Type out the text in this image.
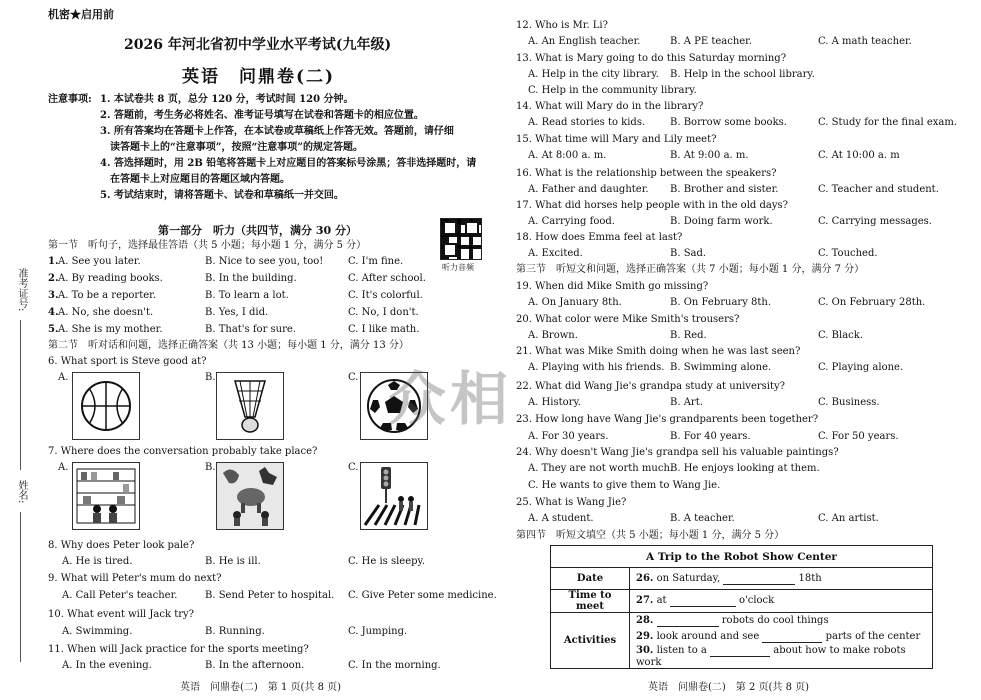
准考证号:
姓名:
机密★启用前
2026 年河北省初中学业水平考试(九年级)
英语　问鼎卷(二)
注意事项: 1. 本试卷共 8 页，总分 120 分，考试时间 120 分钟。
2. 答题前，考生务必将姓名、准考证号填写在试卷和答题卡的相应位置。
3. 所有答案均在答题卡上作答，在本试卷或草稿纸上作答无效。答题前，请仔细
读答题卡上的“注意事项”，按照“注意事项”的规定答题。
4. 答选择题时，用 2B 铅笔将答题卡上对应题目的答案标号涂黑；答非选择题时，请
在答题卡上对应题目的答题区域内答题。
5. 考试结束时，请将答题卡、试卷和草稿纸一并交回。
听力音频
第一部分　听力（共四节，满分 30 分）
第一节　听句子，选择最佳答语（共 5 小题；每小题 1 分，满分 5 分）
1. A. See you later.	B. Nice to see you, too! C. I'm fine.
2. A. By reading books.	B. In the building.	C. After school.
3. A. To be a reporter.	B. To learn a lot.	C. It's colorful.
4. A. No, she doesn't.	B. Yes, I did.	C. No, I don't.
5. A. She is my mother.	B. That's for sure.	C. I like math.
第二节　听对话和问题，选择正确答案（共 13 小题；每小题 1 分，满分 13 分）
6. What sport is Steve good at?
A.	B.	C.
7. Where does the conversation probably take place?
A.	B.	C.
8. Why does Peter look pale?
A. He is tired.	B. He is ill.	C. He is sleepy.
9. What will Peter's mum do next?
A. Call Peter's teacher.	B. Send Peter to hospital. C. Give Peter some medicine.
10. What event will Jack try?
A. Swimming.	B. Running.	C. Jumping.
11. When will Jack practice for the sports meeting?
A. In the evening.	B. In the afternoon.	C. In the morning.
英语　问鼎卷(二)　第 1 页(共 8 页)
12. Who is Mr. Li?
A. An English teacher.	B. A PE teacher.	C. A math teacher.
13. What is Mary going to do this Saturday morning?
A. Help in the city library. B. Help in the school library.
C. Help in the community library.
14. What will Mary do in the library?
A. Read stories to kids. B. Borrow some books.	C. Study for the final exam.
15. What time will Mary and Lily meet?
A. At 8:00 a. m.	B. At 9:00 a. m.	C. At 10:00 a. m
16. What is the relationship between the speakers?
A. Father and daughter. B. Brother and sister.	C. Teacher and student.
17. What did horses help people with in the old days?
A. Carrying food.	B. Doing farm work.	C. Carrying messages.
18. How does Emma feel at last?
A. Excited.	B. Sad.	C. Touched.
第三节　听短文和问题，选择正确答案（共 7 小题；每小题 1 分，满分 7 分）
19. When did Mike Smith go missing?
A. On January 8th.	B. On February 8th.	C. On February 28th.
20. What color were Mike Smith's trousers?
A. Brown.	B. Red.	C. Black.
21. What was Mike Smith doing when he was last seen?
A. Playing with his friends. B. Swimming alone.	C. Playing alone.
22. What did Wang Jie's grandpa study at university?
A. History.	B. Art.	C. Business.
23. How long have Wang Jie's grandparents been together?
A. For 30 years.	B. For 40 years.	C. For 50 years.
24. Why doesn't Wang Jie's grandpa sell his valuable paintings?
A. They are not worth much.
B. He enjoys looking at them.
C. He wants to give them to Wang Jie.
25. What is Wang Jie?
A. A student.	B. A teacher.	C. An artist.
第四节　听短文填空（共 5 小题；每小题 1 分，满分 5 分）
A Trip to the Robot Show Center	
Date	26. on Saturday, 18th
Time to meet	27. at o'clock
Activities	28. robots do cool things
	29. look around and see parts of the center
	30. listen to a about how to make robots work
英语　问鼎卷(二)　第 2 页(共 8 页)
众相
